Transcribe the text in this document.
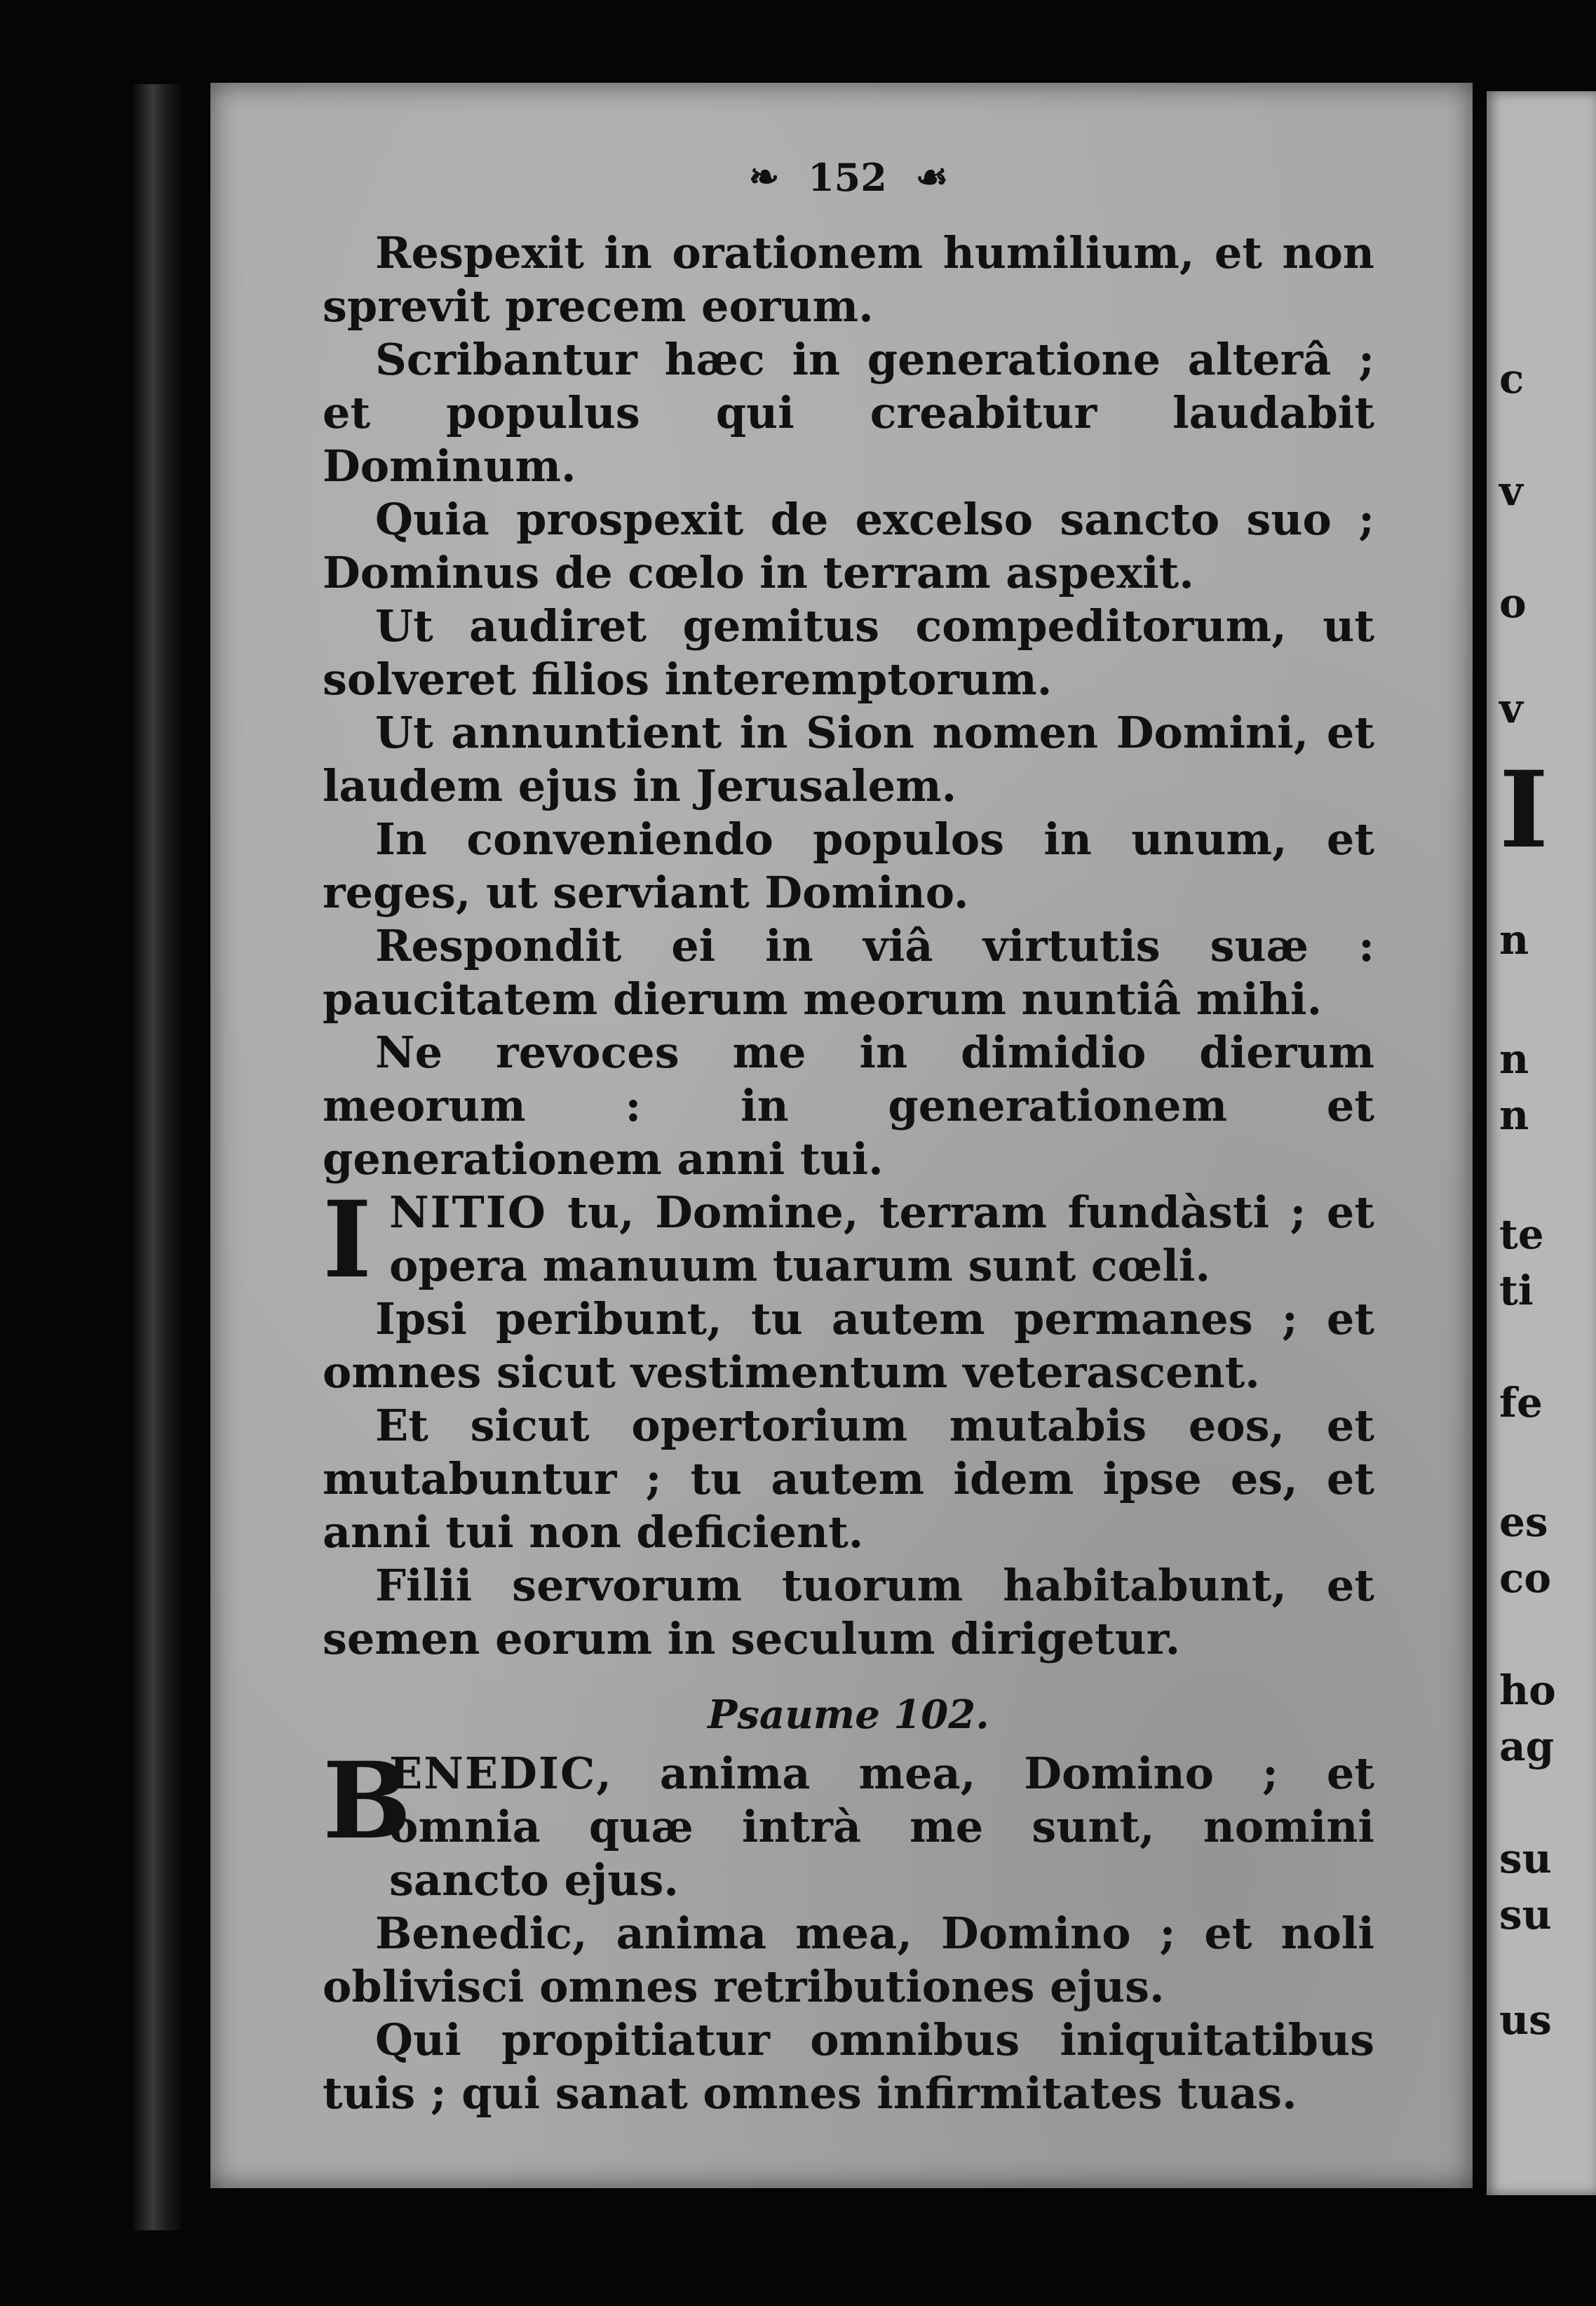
❧ 152 ☙

Respexit in orationem humilium, et non sprevit precem eorum.

Scribantur hæc in generatione alterâ ; et populus qui creabitur laudabit Dominum.

Quia prospexit de excelso sancto suo ; Dominus de cœlo in terram aspexit.

Ut audiret gemitus compeditorum, ut solveret filios interemptorum.

Ut annuntient in Sion nomen Domini, et laudem ejus in Jerusalem.

In conveniendo populos in unum, et reges, ut serviant Domino.

Respondit ei in viâ virtutis suæ : paucitatem dierum meorum nuntiâ mihi.

Ne revoces me in dimidio dierum meorum : in generationem et generationem anni tui.

I NITIO tu, Domine, terram fundàsti ; et opera manuum tuarum sunt cœli.

Ipsi peribunt, tu autem permanes ; et omnes sicut vestimentum veterascent.

Et sicut opertorium mutabis eos, et mutabuntur ; tu autem idem ipse es, et anni tui non deficient.

Filii servorum tuorum habitabunt, et semen eorum in seculum dirigetur.

Psaume 102.

B
ENEDIC, anima mea, Domino ; et omnia quæ intrà me sunt, nomini sancto ejus.

Benedic, anima mea, Domino ; et noli oblivisci omnes retributiones ejus.

Qui propitiatur omnibus iniquitatibus tuis ; qui sanat omnes infirmitates tuas.

c
v
o
v
I
n
n
n
te
ti
fe
es
co
ho
ag
su
su
us
